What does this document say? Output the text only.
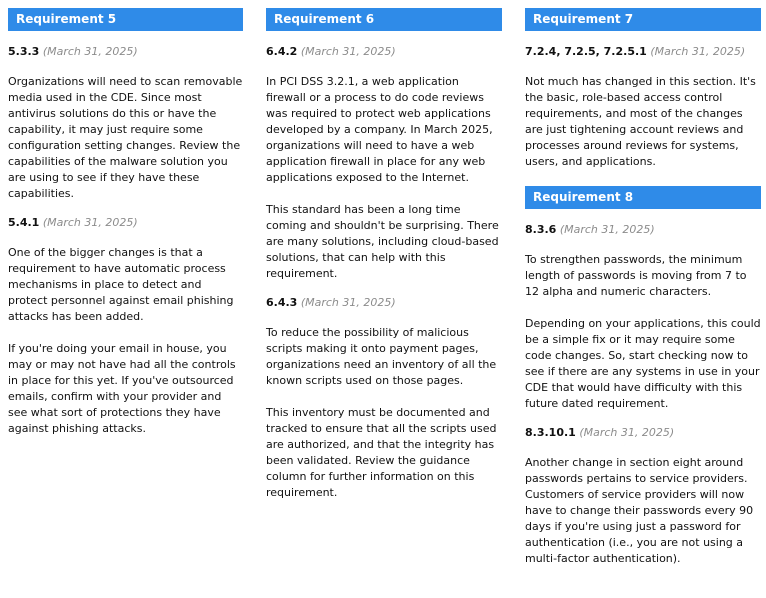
Requirement 5
5.3.3 (March 31, 2025)

Organizations will need to scan removable media used in the CDE. Since most antivirus solutions do this or have the capability, it may just require some configuration setting changes. Review the capabilities of the malware solution you are using to see if they have these capabilities.

5.4.1 (March 31, 2025)

One of the bigger changes is that a requirement to have automatic process mechanisms in place to detect and protect personnel against email phishing attacks has been added.

If you're doing your email in house, you may or may not have had all the controls in place for this yet. If you've outsourced emails, confirm with your provider and see what sort of protections they have against phishing attacks.

Requirement 6
6.4.2 (March 31, 2025)

In PCI DSS 3.2.1, a web application firewall or a process to do code reviews was required to protect web applications developed by a company. In March 2025, organizations will need to have a web application firewall in place for any web applications exposed to the Internet.

This standard has been a long time coming and shouldn't be surprising. There are many solutions, including cloud-based solutions, that can help with this requirement.

6.4.3 (March 31, 2025)

To reduce the possibility of malicious scripts making it onto payment pages, organizations need an inventory of all the known scripts used on those pages.

This inventory must be documented and tracked to ensure that all the scripts used are authorized, and that the integrity has been validated. Review the guidance column for further information on this requirement.

Requirement 7
7.2.4, 7.2.5, 7.2.5.1 (March 31, 2025)

Not much has changed in this section. It's the basic, role-based access control requirements, and most of the changes are just tightening account reviews and processes around reviews for systems, users, and applications.

Requirement 8
8.3.6 (March 31, 2025)

To strengthen passwords, the minimum length of passwords is moving from 7 to 12 alpha and numeric characters.

Depending on your applications, this could be a simple fix or it may require some code changes. So, start checking now to see if there are any systems in use in your CDE that would have difficulty with this future dated requirement.

8.3.10.1 (March 31, 2025)

Another change in section eight around passwords pertains to service providers. Customers of service providers will now have to change their passwords every 90 days if you're using just a password for authentication (i.e., you are not using a multi-factor authentication).
